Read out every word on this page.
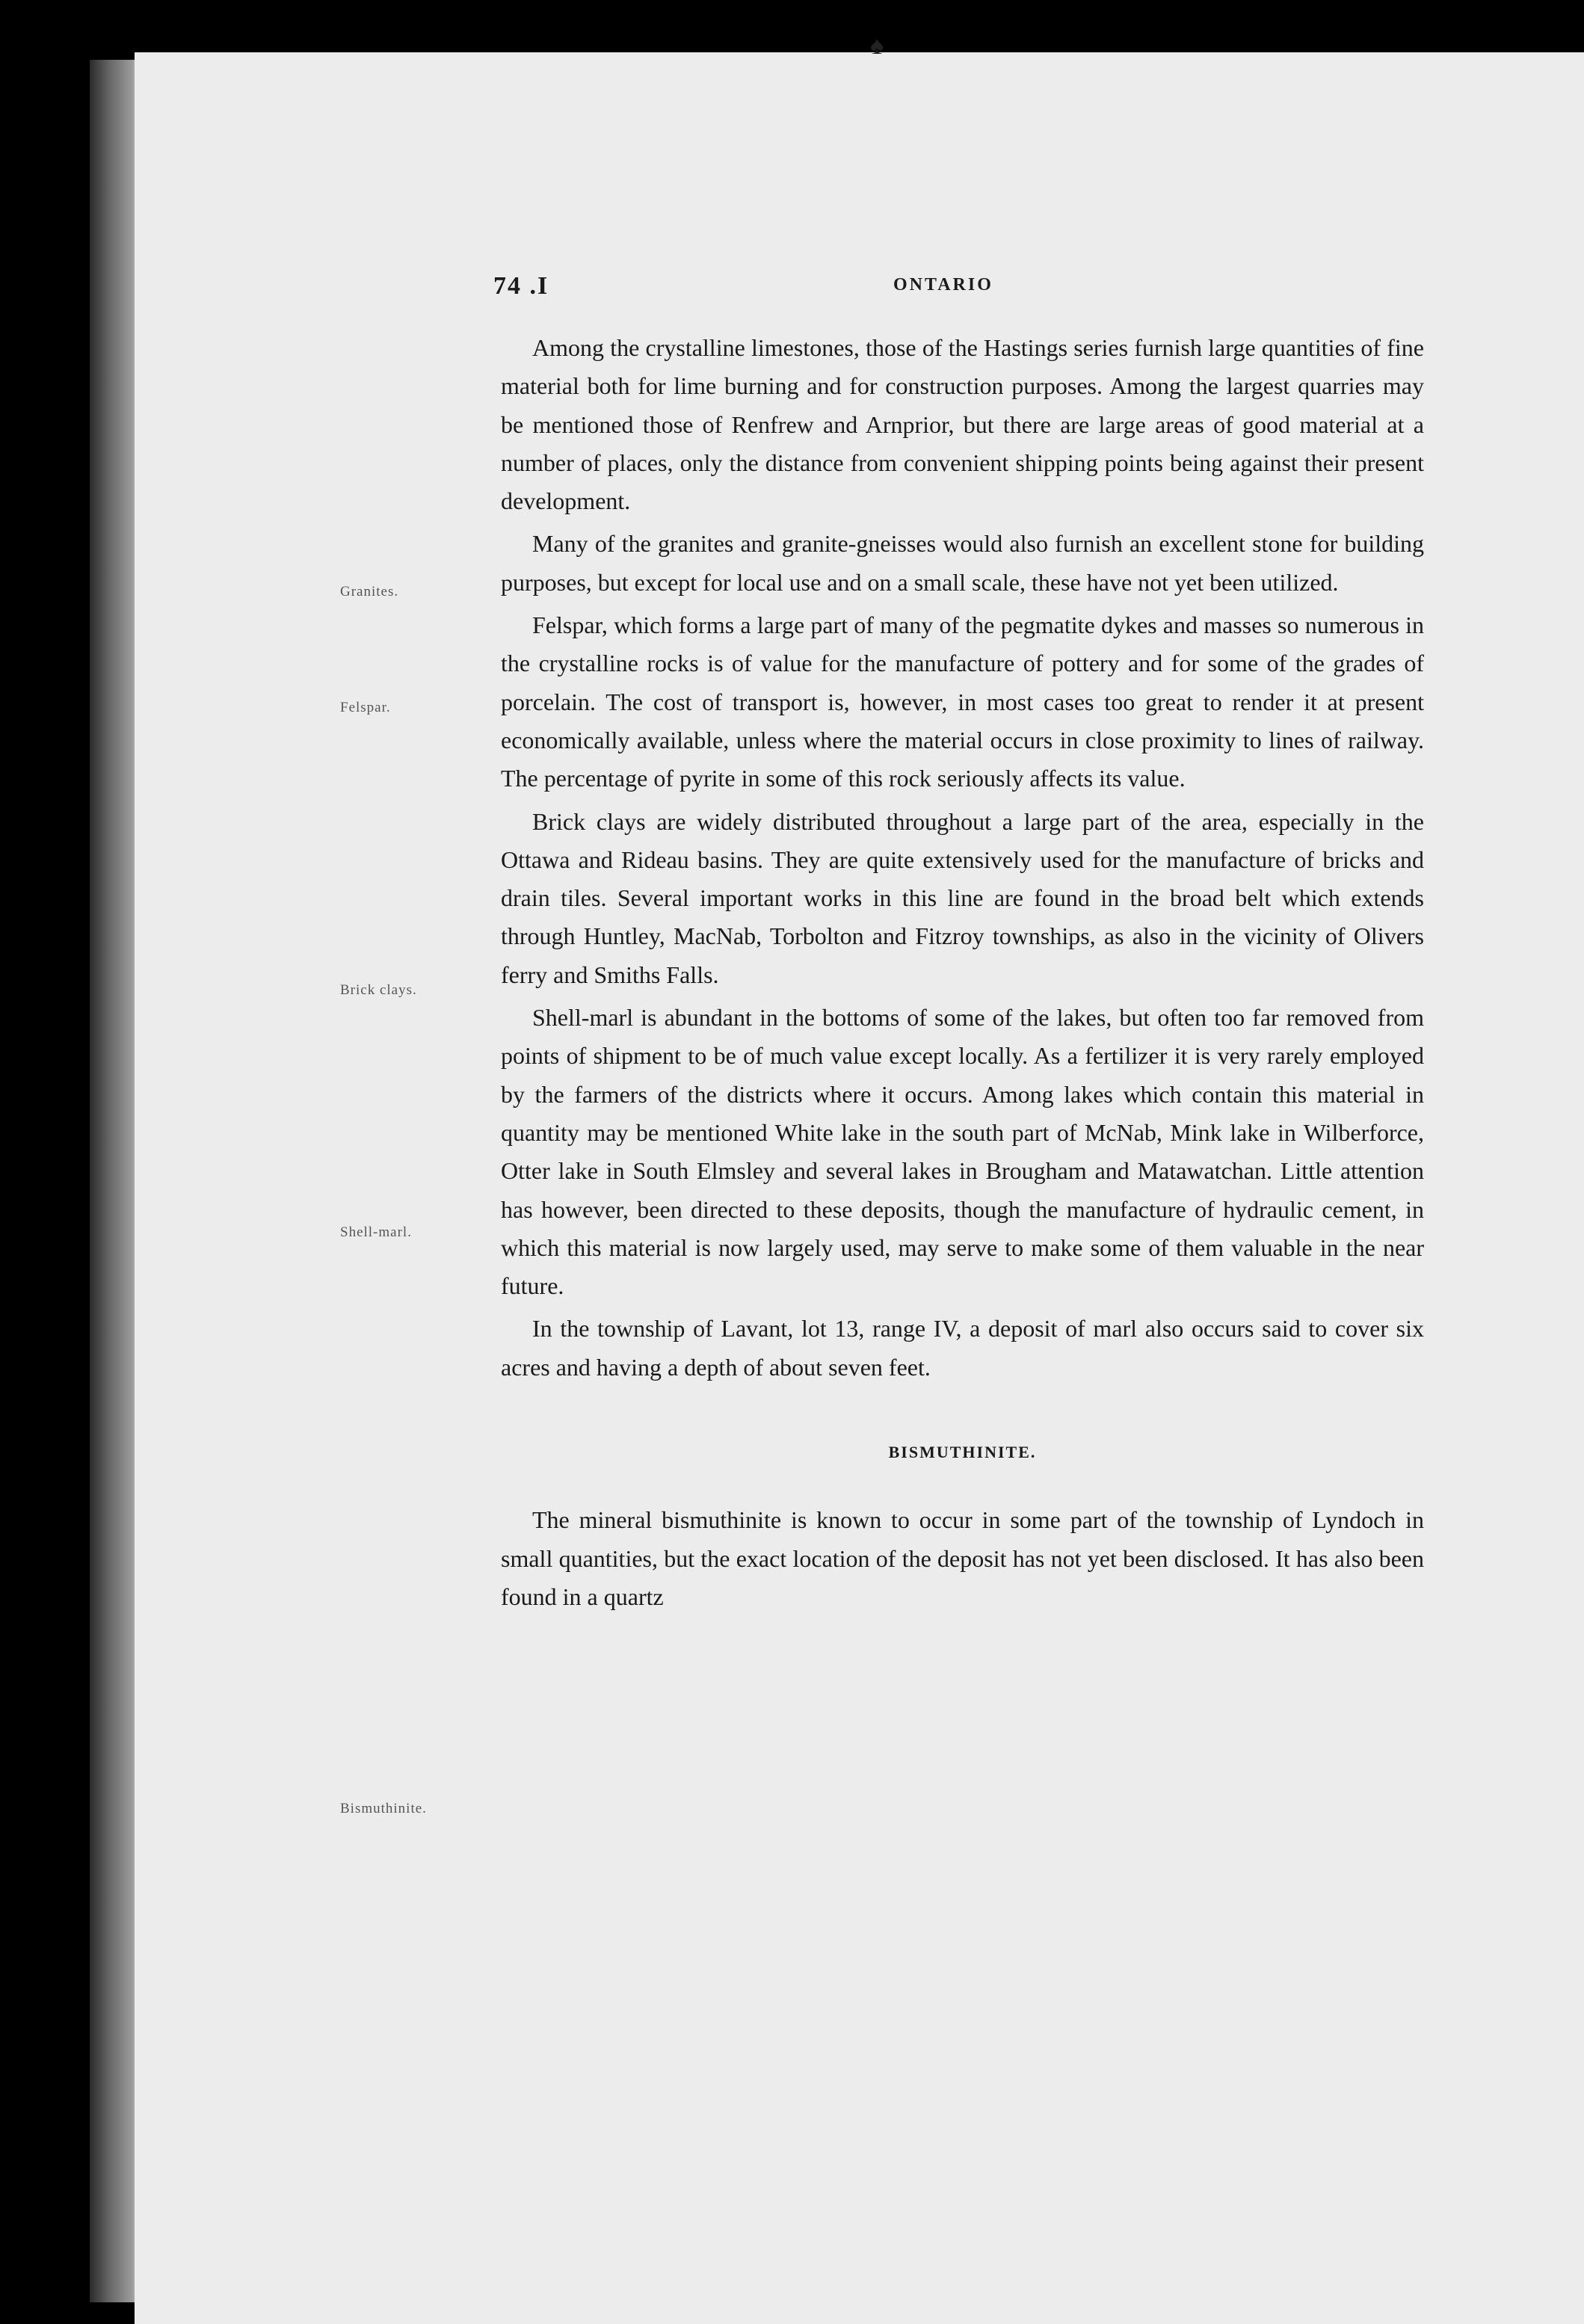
♠
74 .I	ONTARIO
Granites.
Felspar.
Brick clays.
Shell-marl.
Bismuthinite.

Among the crystalline limestones, those of the Hastings series furnish large quantities of fine material both for lime burning and for construction purposes. Among the largest quarries may be mentioned those of Renfrew and Arnprior, but there are large areas of good material at a number of places, only the distance from convenient shipping points being against their present development.

Many of the granites and granite-gneisses would also furnish an excellent stone for building purposes, but except for local use and on a small scale, these have not yet been utilized.

Felspar, which forms a large part of many of the pegmatite dykes and masses so numerous in the crystalline rocks is of value for the manufacture of pottery and for some of the grades of porcelain. The cost of transport is, however, in most cases too great to render it at present economically available, unless where the material occurs in close proximity to lines of railway. The percentage of pyrite in some of this rock seriously affects its value.

Brick clays are widely distributed throughout a large part of the area, especially in the Ottawa and Rideau basins. They are quite extensively used for the manufacture of bricks and drain tiles. Several important works in this line are found in the broad belt which extends through Huntley, MacNab, Torbolton and Fitzroy townships, as also in the vicinity of Olivers ferry and Smiths Falls.

Shell-marl is abundant in the bottoms of some of the lakes, but often too far removed from points of shipment to be of much value except locally. As a fertilizer it is very rarely employed by the farmers of the districts where it occurs. Among lakes which contain this material in quantity may be mentioned White lake in the south part of McNab, Mink lake in Wilberforce, Otter lake in South Elmsley and several lakes in Brougham and Matawatchan. Little attention has however, been directed to these deposits, though the manufacture of hydraulic cement, in which this material is now largely used, may serve to make some of them valuable in the near future.

In the township of Lavant, lot 13, range IV, a deposit of marl also occurs said to cover six acres and having a depth of about seven feet.

BISMUTHINITE.

The mineral bismuthinite is known to occur in some part of the township of Lyndoch in small quantities, but the exact location of the deposit has not yet been disclosed. It has also been found in a quartz
